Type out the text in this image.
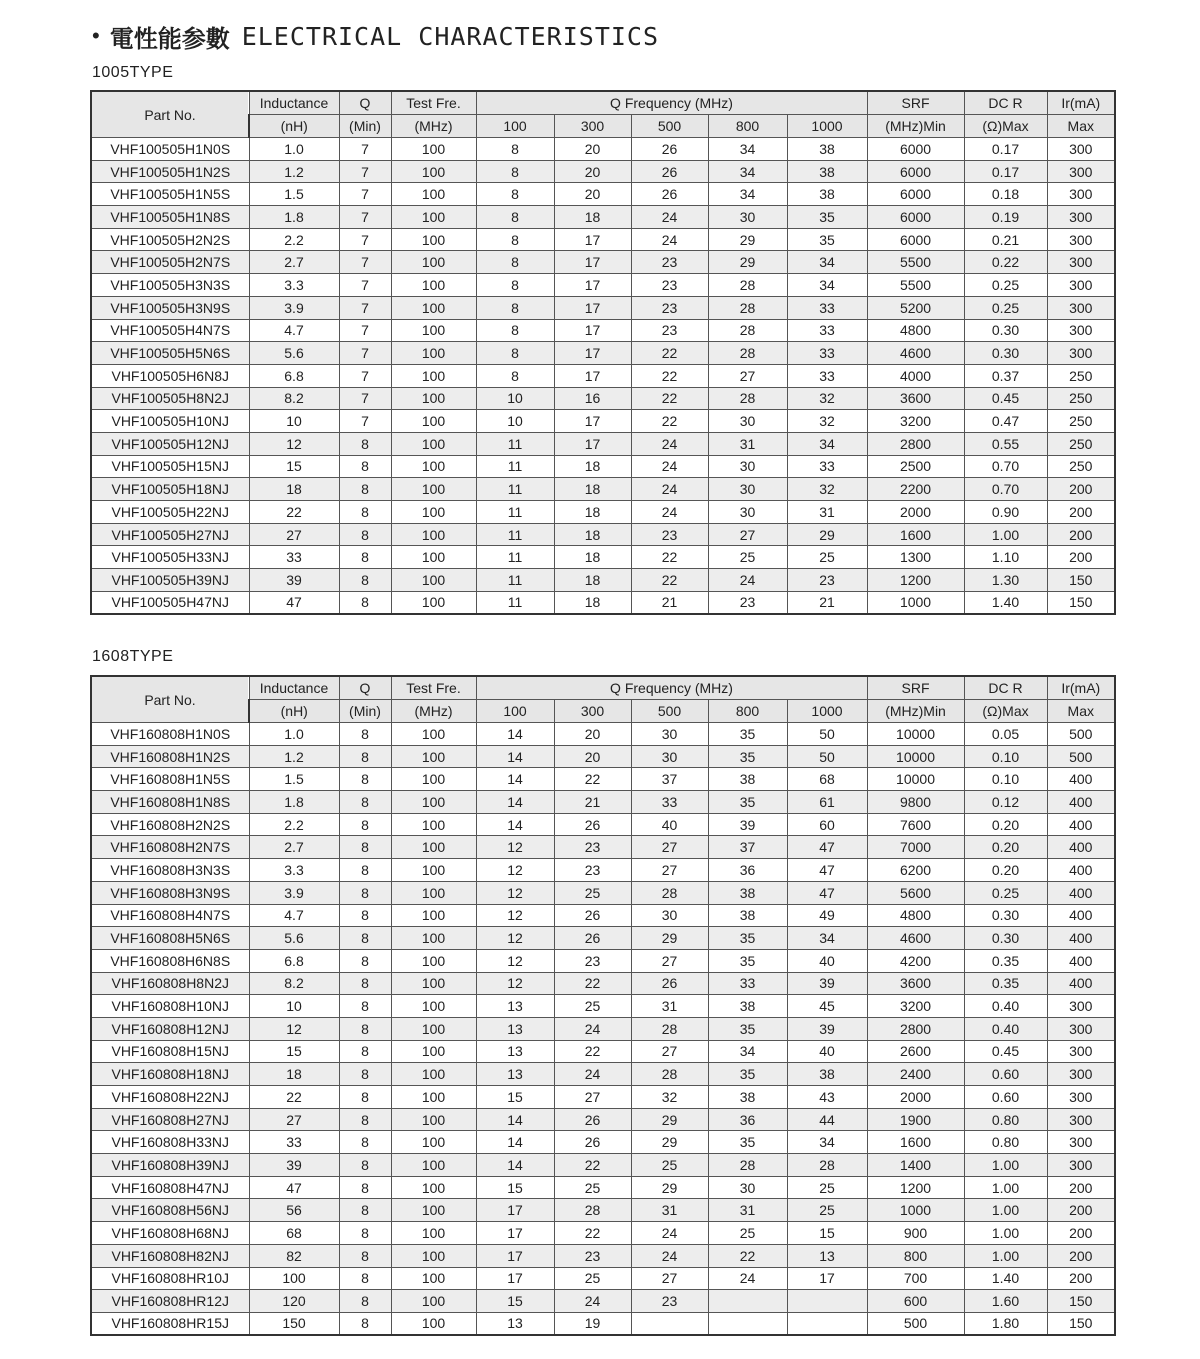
• 電性能参數 ELECTRICAL CHARACTERISTICS
1005TYPE
Part No.	Inductance	Q	Test Fre.	Q Frequency (MHz)					SRF	DC R	Ir(mA)
	(nH)	(Min)	(MHz)	100	300	500	800	1000	(MHz)Min	(Ω)Max	Max
VHF100505H1N0S	1.0	7	100	8	20	26	34	38	6000	0.17	300
VHF100505H1N2S	1.2	7	100	8	20	26	34	38	6000	0.17	300
VHF100505H1N5S	1.5	7	100	8	20	26	34	38	6000	0.18	300
VHF100505H1N8S	1.8	7	100	8	18	24	30	35	6000	0.19	300
VHF100505H2N2S	2.2	7	100	8	17	24	29	35	6000	0.21	300
VHF100505H2N7S	2.7	7	100	8	17	23	29	34	5500	0.22	300
VHF100505H3N3S	3.3	7	100	8	17	23	28	34	5500	0.25	300
VHF100505H3N9S	3.9	7	100	8	17	23	28	33	5200	0.25	300
VHF100505H4N7S	4.7	7	100	8	17	23	28	33	4800	0.30	300
VHF100505H5N6S	5.6	7	100	8	17	22	28	33	4600	0.30	300
VHF100505H6N8J	6.8	7	100	8	17	22	27	33	4000	0.37	250
VHF100505H8N2J	8.2	7	100	10	16	22	28	32	3600	0.45	250
VHF100505H10NJ	10	7	100	10	17	22	30	32	3200	0.47	250
VHF100505H12NJ	12	8	100	11	17	24	31	34	2800	0.55	250
VHF100505H15NJ	15	8	100	11	18	24	30	33	2500	0.70	250
VHF100505H18NJ	18	8	100	11	18	24	30	32	2200	0.70	200
VHF100505H22NJ	22	8	100	11	18	24	30	31	2000	0.90	200
VHF100505H27NJ	27	8	100	11	18	23	27	29	1600	1.00	200
VHF100505H33NJ	33	8	100	11	18	22	25	25	1300	1.10	200
VHF100505H39NJ	39	8	100	11	18	22	24	23	1200	1.30	150
VHF100505H47NJ	47	8	100	11	18	21	23	21	1000	1.40	150
1608TYPE
Part No.	Inductance	Q	Test Fre.	Q Frequency (MHz)					SRF	DC R	Ir(mA)
	(nH)	(Min)	(MHz)	100	300	500	800	1000	(MHz)Min	(Ω)Max	Max
VHF160808H1N0S	1.0	8	100	14	20	30	35	50	10000	0.05	500
VHF160808H1N2S	1.2	8	100	14	20	30	35	50	10000	0.10	500
VHF160808H1N5S	1.5	8	100	14	22	37	38	68	10000	0.10	400
VHF160808H1N8S	1.8	8	100	14	21	33	35	61	9800	0.12	400
VHF160808H2N2S	2.2	8	100	14	26	40	39	60	7600	0.20	400
VHF160808H2N7S	2.7	8	100	12	23	27	37	47	7000	0.20	400
VHF160808H3N3S	3.3	8	100	12	23	27	36	47	6200	0.20	400
VHF160808H3N9S	3.9	8	100	12	25	28	38	47	5600	0.25	400
VHF160808H4N7S	4.7	8	100	12	26	30	38	49	4800	0.30	400
VHF160808H5N6S	5.6	8	100	12	26	29	35	34	4600	0.30	400
VHF160808H6N8S	6.8	8	100	12	23	27	35	40	4200	0.35	400
VHF160808H8N2J	8.2	8	100	12	22	26	33	39	3600	0.35	400
VHF160808H10NJ	10	8	100	13	25	31	38	45	3200	0.40	300
VHF160808H12NJ	12	8	100	13	24	28	35	39	2800	0.40	300
VHF160808H15NJ	15	8	100	13	22	27	34	40	2600	0.45	300
VHF160808H18NJ	18	8	100	13	24	28	35	38	2400	0.60	300
VHF160808H22NJ	22	8	100	15	27	32	38	43	2000	0.60	300
VHF160808H27NJ	27	8	100	14	26	29	36	44	1900	0.80	300
VHF160808H33NJ	33	8	100	14	26	29	35	34	1600	0.80	300
VHF160808H39NJ	39	8	100	14	22	25	28	28	1400	1.00	300
VHF160808H47NJ	47	8	100	15	25	29	30	25	1200	1.00	200
VHF160808H56NJ	56	8	100	17	28	31	31	25	1000	1.00	200
VHF160808H68NJ	68	8	100	17	22	24	25	15	900	1.00	200
VHF160808H82NJ	82	8	100	17	23	24	22	13	800	1.00	200
VHF160808HR10J	100	8	100	17	25	27	24	17	700	1.40	200
VHF160808HR12J	120	8	100	15	24	23			600	1.60	150
VHF160808HR15J	150	8	100	13	19				500	1.80	150
